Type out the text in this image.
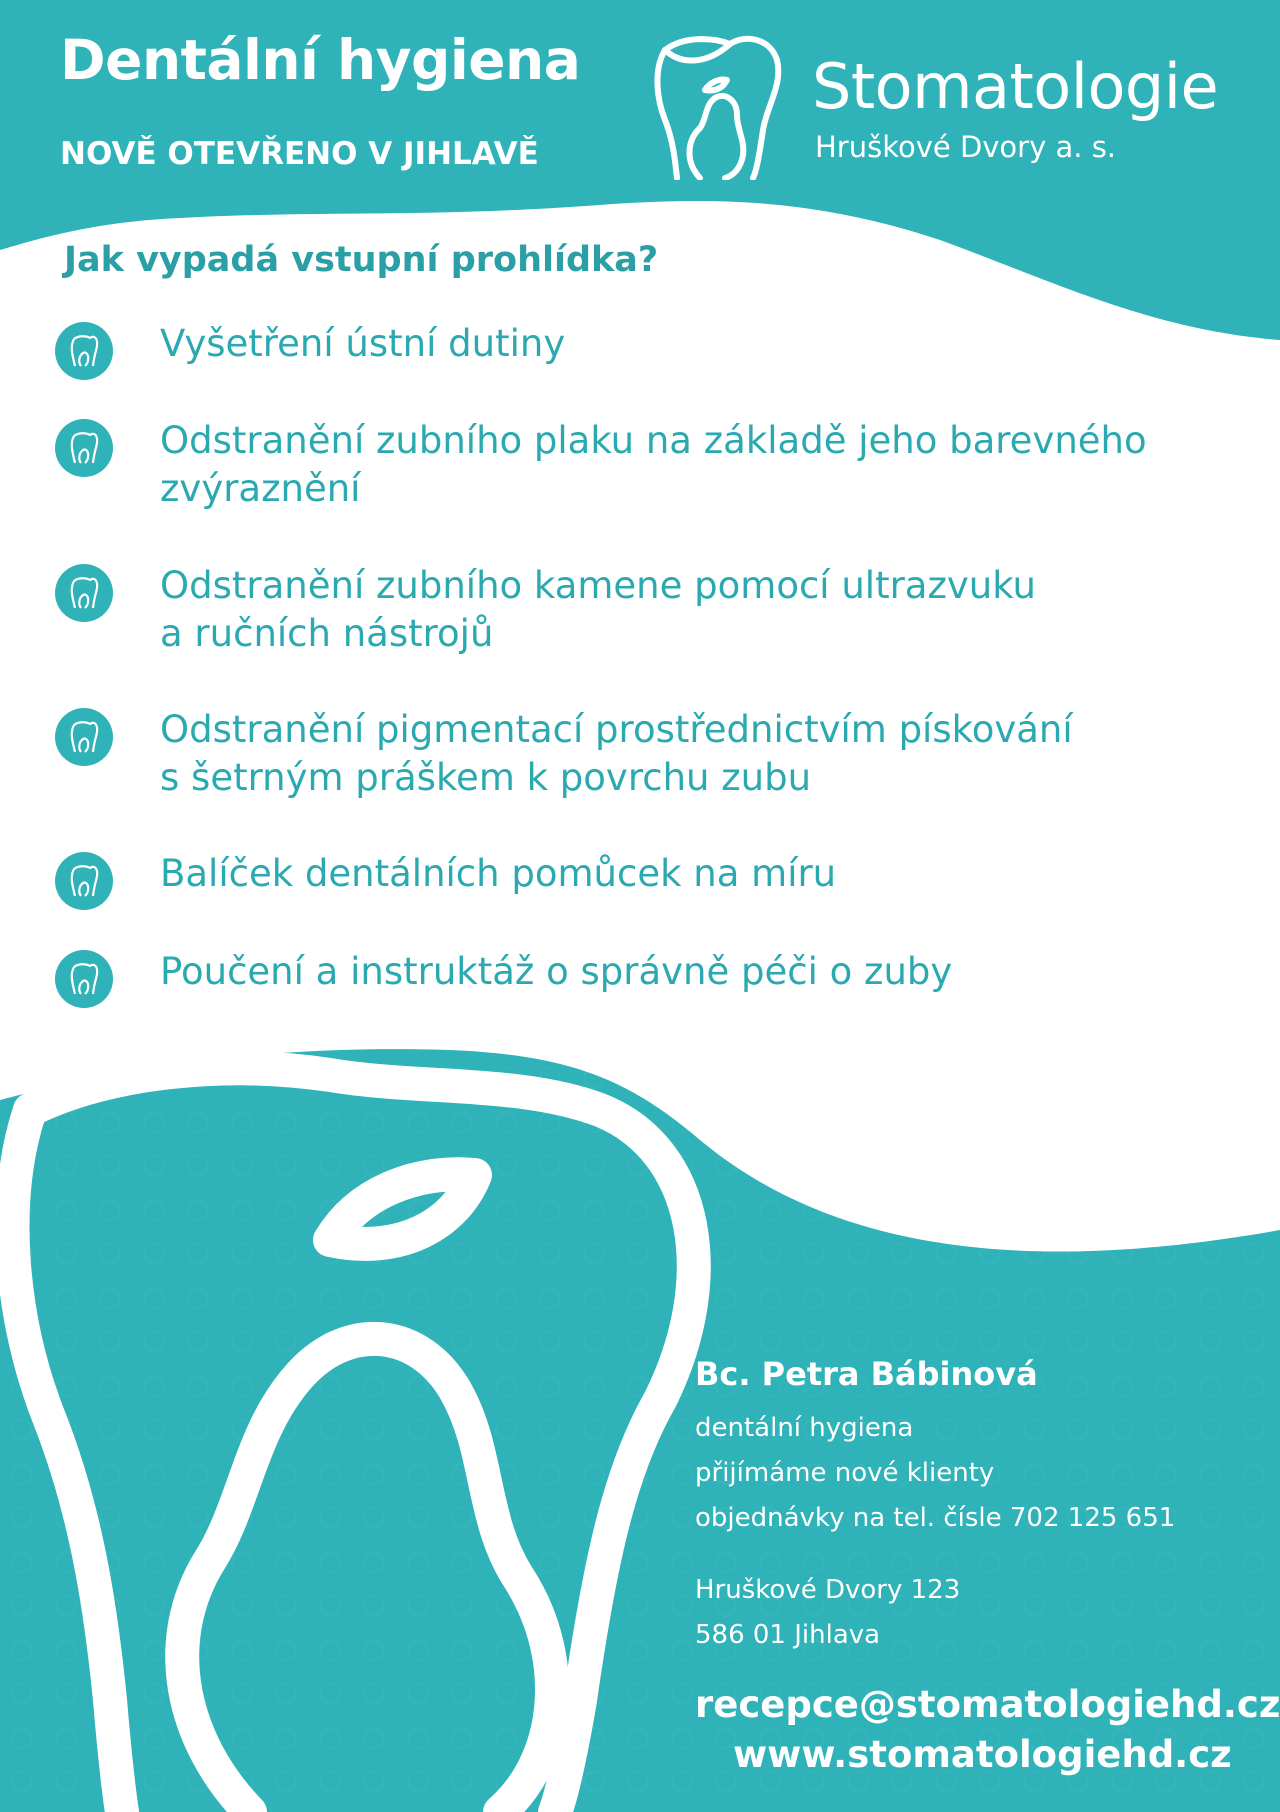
Dentální hygiena
NOVĚ OTEVŘENO V JIHLAVĚ
Stomatologie
Hruškové Dvory a. s.
Jak vypadá vstupní prohlídka?
Vyšetření ústní dutiny
Odstranění zubního plaku na základě jeho barevného
zvýraznění
Odstranění zubního kamene pomocí ultrazvuku
a ručních nástrojů
Odstranění pigmentací prostřednictvím pískování
s šetrným práškem k povrchu zubu
Balíček dentálních pomůcek na míru
Poučení a instruktáž o správně péči o zuby
Bc. Petra Bábinová
dentální hygiena
přijímáme nové klienty
objednávky na tel. čísle 702 125 651
Hruškové Dvory 123
586 01 Jihlava
recepce@stomatologiehd.cz
www.stomatologiehd.cz
